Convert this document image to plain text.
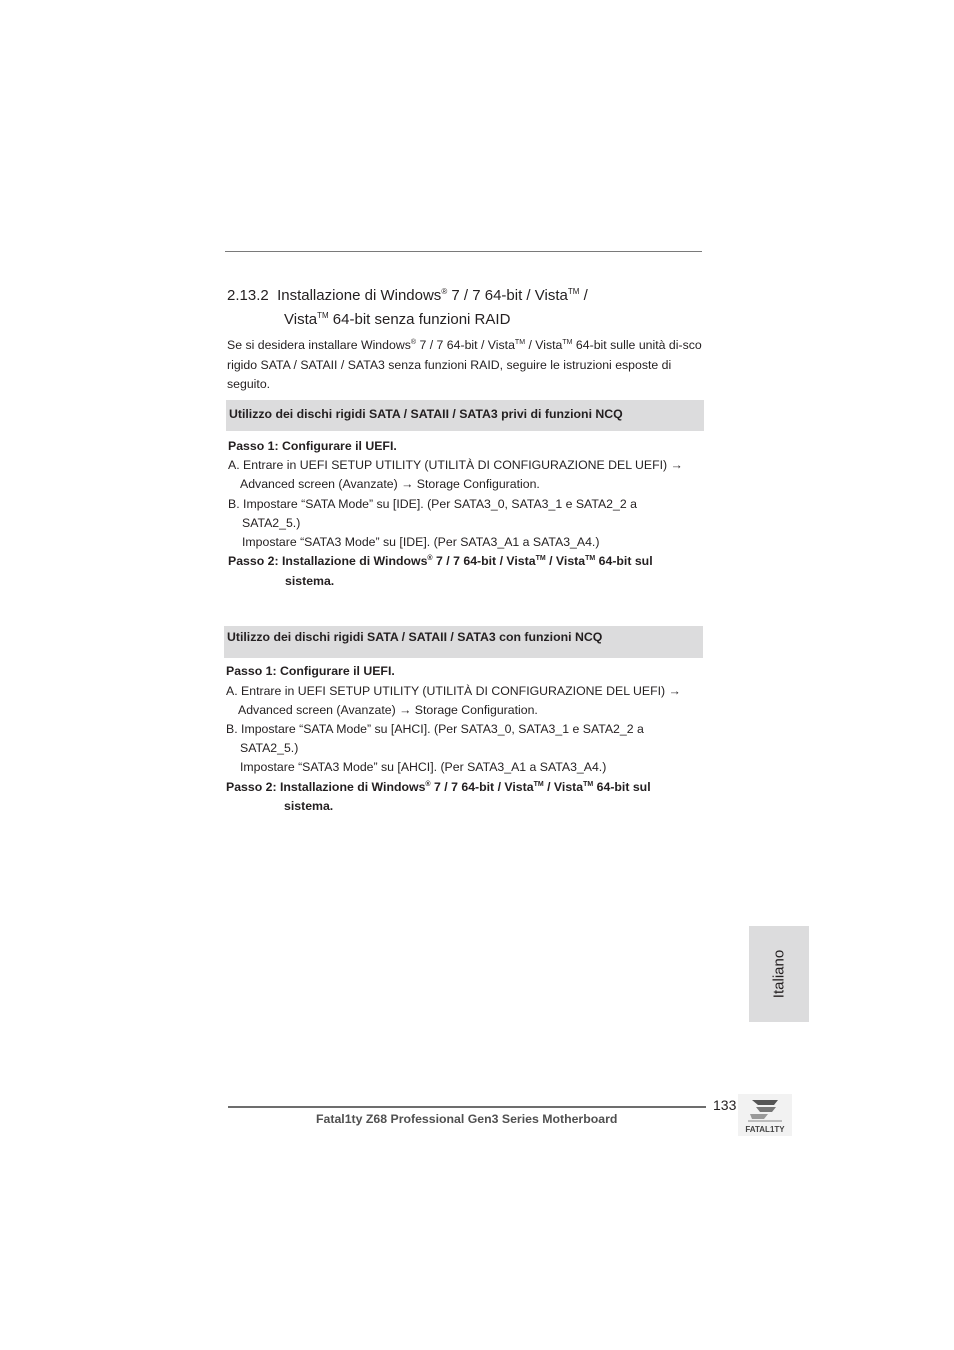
2.13.2 Installazione di Windows® 7 / 7 64-bit / Vista™ /
Vista™ 64-bit senza funzioni RAID
Se si desidera installare Windows® 7 / 7 64-bit / Vista™ / Vista™ 64-bit sulle unità di-sco rigido SATA / SATAII / SATA3 senza funzioni RAID, seguire le istruzioni esposte di seguito.
Utilizzo dei dischi rigidi SATA / SATAII / SATA3 privi di funzioni NCQ
Passo 1: Configurare il UEFI.
A. Entrare in UEFI SETUP UTILITY (UTILITÀ DI CONFIGURAZIONE DEL UEFI) →
Advanced screen (Avanzate) → Storage Configuration.
B. Impostare “SATA Mode” su [IDE]. (Per SATA3_0, SATA3_1 e SATA2_2 a
SATA2_5.)
Impostare “SATA3 Mode” su [IDE]. (Per SATA3_A1 a SATA3_A4.)
Passo 2: Installazione di Windows® 7 / 7 64-bit / Vista™ / Vista™ 64-bit sul
sistema.
Utilizzo dei dischi rigidi SATA / SATAII / SATA3 con funzioni NCQ
Passo 1: Configurare il UEFI.
A. Entrare in UEFI SETUP UTILITY (UTILITÀ DI CONFIGURAZIONE DEL UEFI) →
Advanced screen (Avanzate) → Storage Configuration.
B. Impostare “SATA Mode” su [AHCI]. (Per SATA3_0, SATA3_1 e SATA2_2 a
SATA2_5.)
Impostare “SATA3 Mode” su [AHCI]. (Per SATA3_A1 a SATA3_A4.)
Passo 2: Installazione di Windows® 7 / 7 64-bit / Vista™ / Vista™ 64-bit sul
sistema.
Italiano
133
Fatal1ty Z68 Professional Gen3 Series Motherboard
FATAL1TY
